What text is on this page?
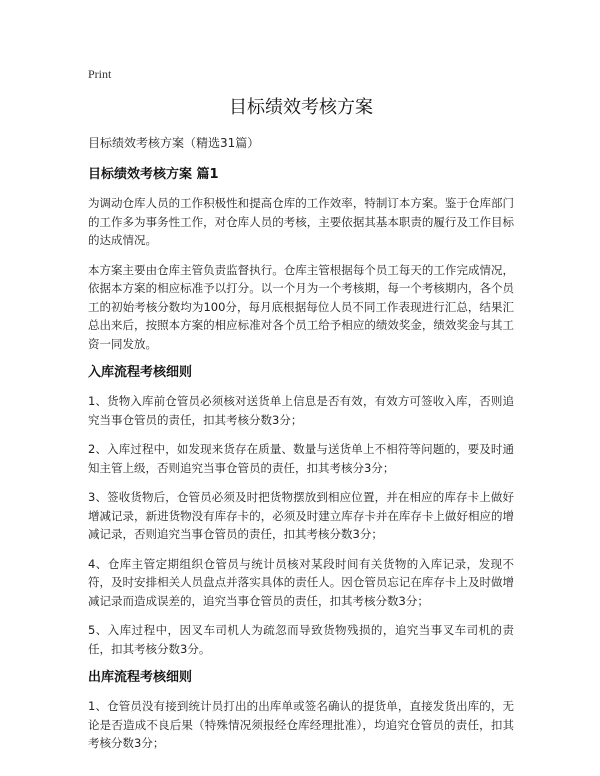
Print
目标绩效考核方案
目标绩效考核方案（精选31篇）
目标绩效考核方案 篇1

为调动仓库人员的工作积极性和提高仓库的工作效率，特制订本方案。鉴于仓库部门的工作多为事务性工作，对仓库人员的考核，主要依据其基本职责的履行及工作目标的达成情况。

本方案主要由仓库主管负责监督执行。仓库主管根据每个员工每天的工作完成情况，依据本方案的相应标准予以打分。以一个月为一个考核期，每一个考核期内，各个员工的初始考核分数均为100分，每月底根据每位人员不同工作表现进行汇总，结果汇总出来后，按照本方案的相应标准对各个员工给予相应的绩效奖金，绩效奖金与其工资一同发放。

入库流程考核细则

1、货物入库前仓管员必须核对送货单上信息是否有效，有效方可签收入库，否则追究当事仓管员的责任，扣其考核分数3分；

2、入库过程中，如发现来货存在质量、数量与送货单上不相符等问题的，要及时通知主管上级，否则追究当事仓管员的责任，扣其考核分3分；

3、签收货物后，仓管员必须及时把货物摆放到相应位置，并在相应的库存卡上做好增减记录，新进货物没有库存卡的，必须及时建立库存卡并在库存卡上做好相应的增减记录，否则追究当事仓管员的责任，扣其考核分数3分；

4、仓库主管定期组织仓管员与统计员核对某段时间有关货物的入库记录，发现不符，及时安排相关人员盘点并落实具体的责任人。因仓管员忘记在库存卡上及时做增减记录而造成误差的，追究当事仓管员的责任，扣其考核分数3分；

5、入库过程中，因叉车司机人为疏忽而导致货物残损的，追究当事叉车司机的责任，扣其考核分数3分。

出库流程考核细则

1、仓管员没有接到统计员打出的出库单或签名确认的提货单，直接发货出库的，无论是否造成不良后果（特殊情况须报经仓库经理批准），均追究仓管员的责任，扣其考核分数3分；
